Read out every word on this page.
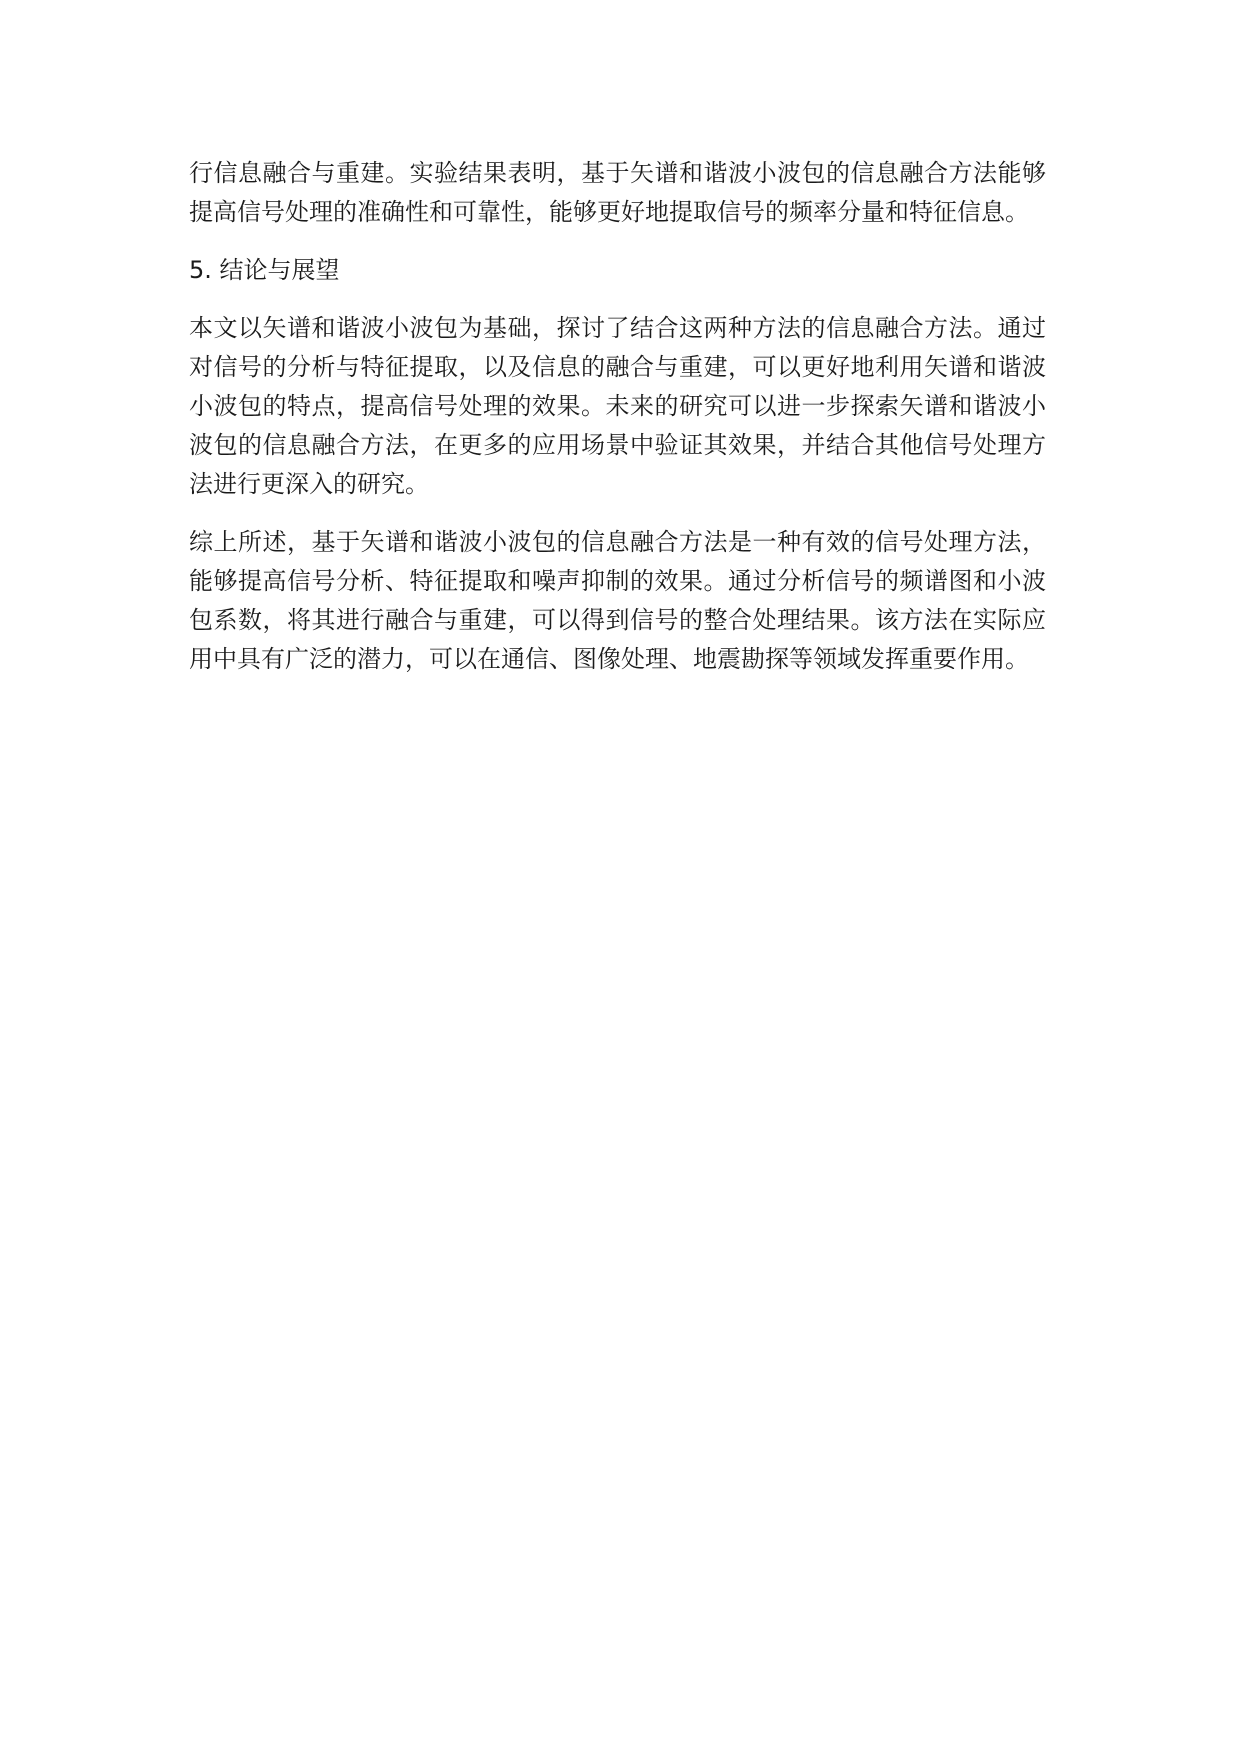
行信息融合与重建。实验结果表明，基于矢谱和谐波小波包的信息融合方法能够提高信号处理的准确性和可靠性，能够更好地提取信号的频率分量和特征信息。

5. 结论与展望

本文以矢谱和谐波小波包为基础，探讨了结合这两种方法的信息融合方法。通过对信号的分析与特征提取，以及信息的融合与重建，可以更好地利用矢谱和谐波小波包的特点，提高信号处理的效果。未来的研究可以进一步探索矢谱和谐波小波包的信息融合方法，在更多的应用场景中验证其效果，并结合其他信号处理方法进行更深入的研究。

综上所述，基于矢谱和谐波小波包的信息融合方法是一种有效的信号处理方法，能够提高信号分析、特征提取和噪声抑制的效果。通过分析信号的频谱图和小波包系数，将其进行融合与重建，可以得到信号的整合处理结果。该方法在实际应用中具有广泛的潜力，可以在通信、图像处理、地震勘探等领域发挥重要作用。
